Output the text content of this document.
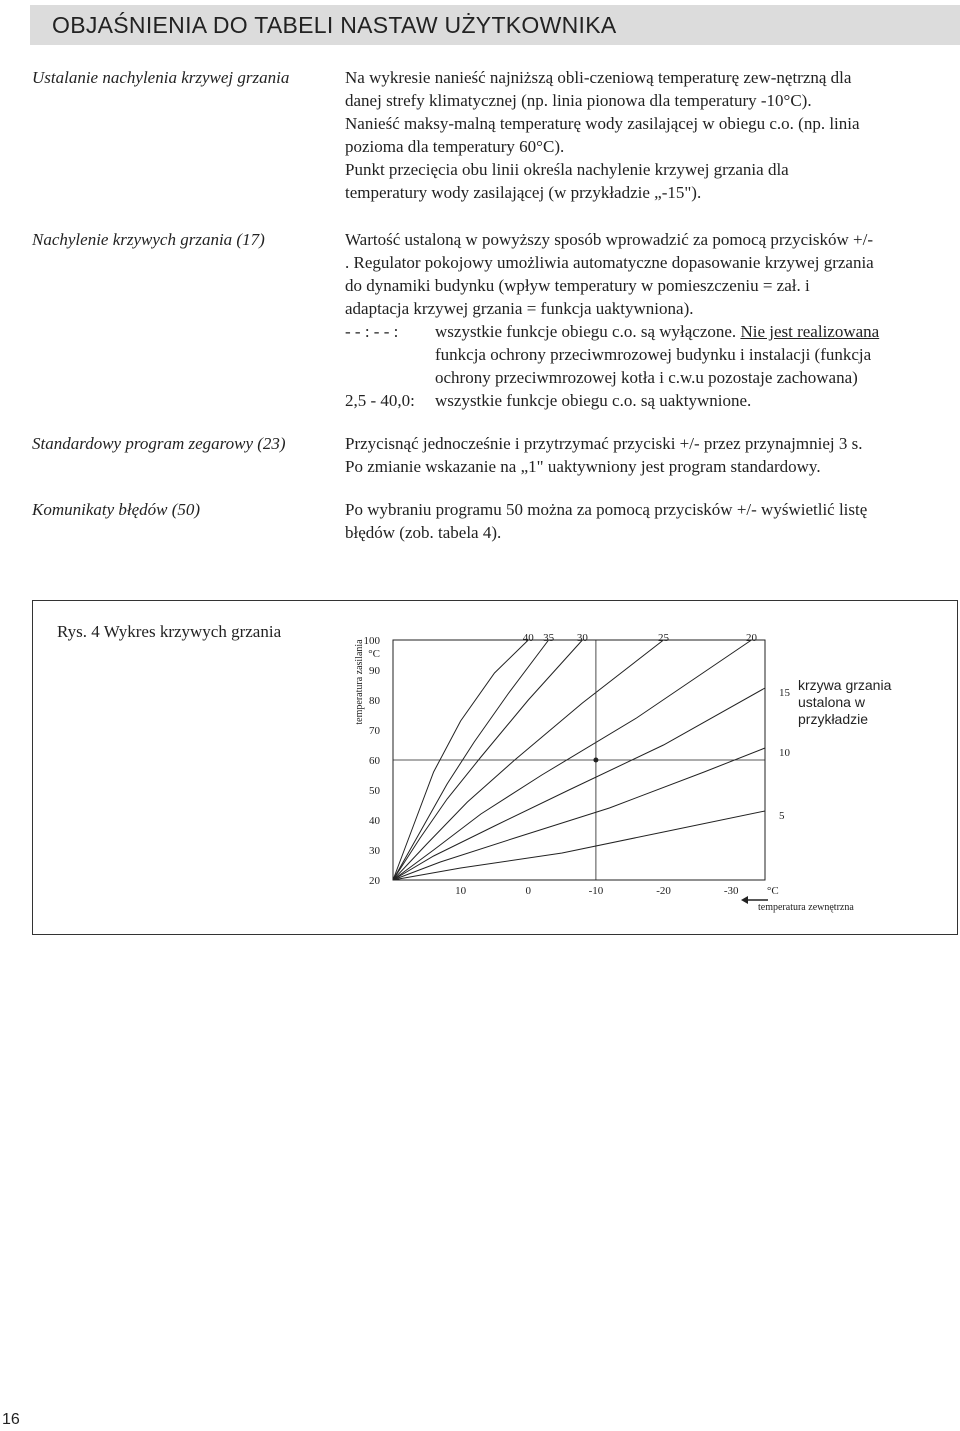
OBJAŚNIENIA DO TABELI NASTAW UŻYTKOWNIKA

Ustalanie nachylenia krzywej grzania	Na wykresie nanieść najniższą obli-czeniową temperaturę zew-nętrzną dla

danej strefy klimatycznej (np. linia pionowa dla temperatury -10°C).

Nanieść maksy-malną temperaturę wody zasilającej w obiegu c.o. (np. linia

pozioma dla temperatury 60°C).

Punkt przecięcia obu linii określa nachylenie krzywej grzania dla

temperatury wody zasilającej (w przykładzie „-15").

Nachylenie krzywych grzania (17)	Wartość ustaloną w powyższy sposób wprowadzić za pomocą przycisków +/-

. Regulator pokojowy umożliwia automatyczne dopasowanie krzywej grzania

do dynamiki budynku (wpływ temperatury w pomieszczeniu = zał. i

adaptacja krzywej grzania = funkcja uaktywniona).

- - : - - :	wszystkie funkcje obiegu c.o. są wyłączone. Nie jest realizowana
funkcja ochrony przeciwmrozowej budynku i instalacji (funkcja
ochrony przeciwmrozowej kotła i c.w.u pozostaje zachowana)
2,5 - 40,0:	wszystkie funkcje obiegu c.o. są uaktywnione.

Standardowy program zegarowy (23)	Przycisnąć jednocześnie i przytrzymać przyciski +/- przez przynajmniej 3 s.

Po zmianie wskazanie na „1" uaktywniony jest program standardowy.

Komunikaty błędów (50)	Po wybraniu programu 50 można za pomocą przycisków +/- wyświetlić listę

błędów (zob. tabela 4).

Rys. 4 Wykres krzywych grzania	100
90
80
70
60
50
40
30
20
°C
temperatura zasilania
10	0	-10	-20	-30	°C
temperatura zewnętrzna
40 35 30	25	20
15
10
5
krzywa grzania
ustalona w
przykładzie
16
